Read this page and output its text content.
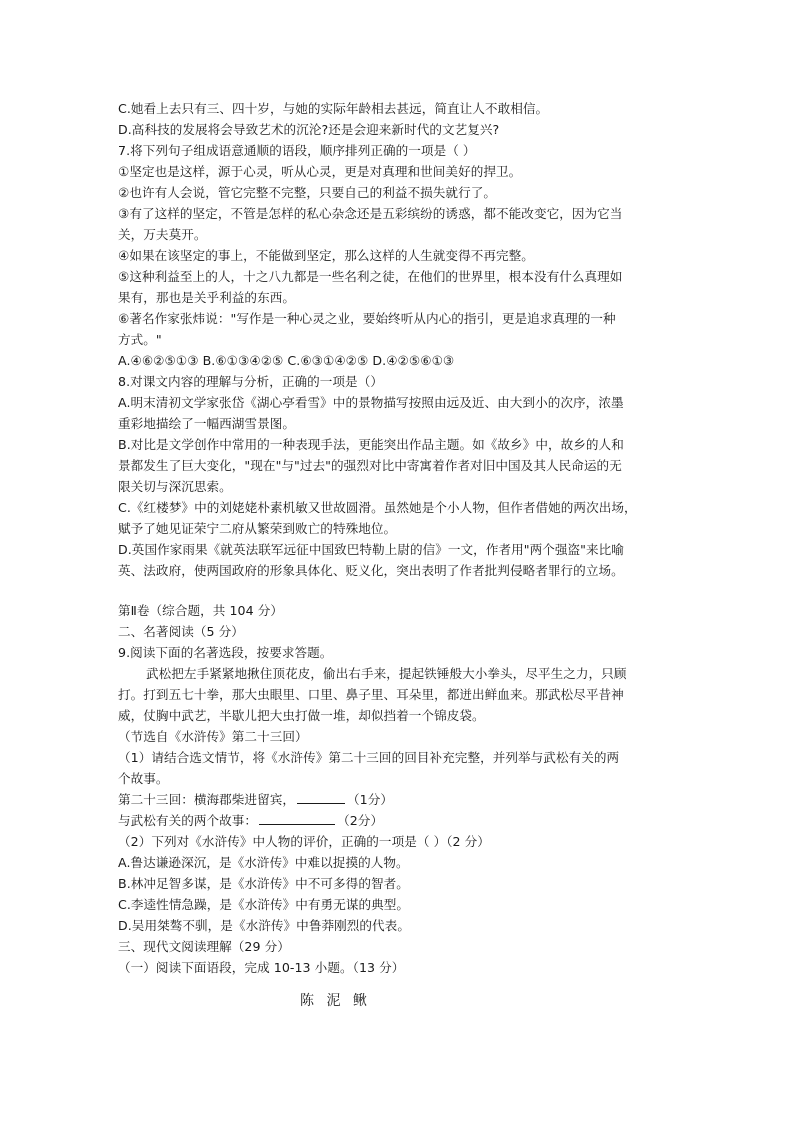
C.她看上去只有三、四十岁，与她的实际年龄相去甚远，简直让人不敢相信。
D.高科技的发展将会导致艺术的沉沦?还是会迎来新时代的文艺复兴?
7.将下列句子组成语意通顺的语段，顺序排列正确的一项是（ ）
①坚定也是这样，源于心灵，听从心灵，更是对真理和世间美好的捍卫。
②也许有人会说，管它完整不完整，只要自己的利益不损失就行了。
③有了这样的坚定，不管是怎样的私心杂念还是五彩缤纷的诱惑，都不能改变它，因为它当
关，万夫莫开。
④如果在该坚定的事上，不能做到坚定，那么这样的人生就变得不再完整。
⑤这种利益至上的人，十之八九都是一些名利之徒，在他们的世界里，根本没有什么真理如
果有，那也是关乎利益的东西。
⑥著名作家张炜说："写作是一种心灵之业，要始终听从内心的指引，更是追求真理的一种
方式。"
A.④⑥②⑤①③ B.⑥①③④②⑤ C.⑥③①④②⑤ D.④②⑤⑥①③
8.对课文内容的理解与分析，正确的一项是（）
A.明末清初文学家张岱《湖心亭看雪》中的景物描写按照由远及近、由大到小的次序，浓墨
重彩地描绘了一幅西湖雪景图。
B.对比是文学创作中常用的一种表现手法，更能突出作品主题。如《故乡》中，故乡的人和
景都发生了巨大变化，"现在"与"过去"的强烈对比中寄寓着作者对旧中国及其人民命运的无
限关切与深沉思索。
C.《红楼梦》中的刘姥姥朴素机敏又世故圆滑。虽然她是个小人物，但作者借她的两次出场，
赋予了她见证荣宁二府从繁荣到败亡的特殊地位。
D.英国作家雨果《就英法联军远征中国致巴特勒上尉的信》一文，作者用"两个强盗"来比喻
英、法政府，使两国政府的形象具体化、贬义化，突出表明了作者批判侵略者罪行的立场。
第Ⅱ卷（综合题，共 104 分）
二、名著阅读（5 分）
9.阅读下面的名著选段，按要求答题。
武松把左手紧紧地揪住顶花皮，偷出右手来，提起铁锤般大小拳头，尽平生之力，只顾
打。打到五七十拳，那大虫眼里、口里、鼻子里、耳朵里，都迸出鲜血来。那武松尽平昔神
威，仗胸中武艺，半歇儿把大虫打做一堆，却似挡着一个锦皮袋。
（节选自《水浒传》第二十三回）
（1）请结合选文情节，将《水浒传》第二十三回的回目补充完整，并列举与武松有关的两
个故事。
第二十三回：横海郡柴进留宾，	（1分）
与武松有关的两个故事：	（2分）
（2）下列对《水浒传》中人物的评价，正确的一项是（ ）（2 分）
A.鲁达谦逊深沉，是《水浒传》中难以捉摸的人物。
B.林冲足智多谋，是《水浒传》中不可多得的智者。
C.李逵性情急躁，是《水浒传》中有勇无谋的典型。
D.吴用桀骜不驯，是《水浒传》中鲁莽刚烈的代表。
三、现代文阅读理解（29 分）
（一）阅读下面语段，完成 10-13 小题。（13 分）
陈 泥 鳅
